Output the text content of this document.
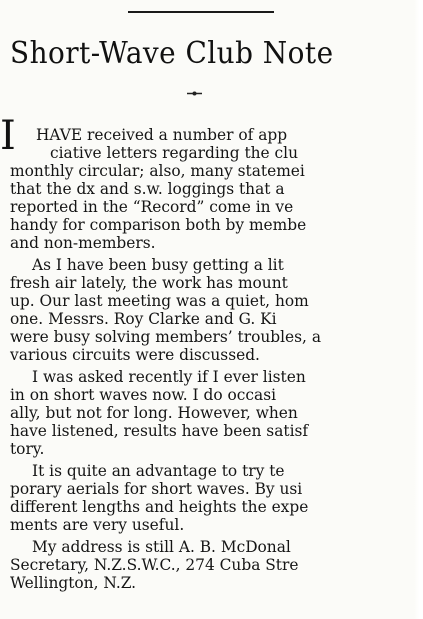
Short-Wave Club Note
I HAVE received a number of app
ciative letters regarding the clu
monthly circular; also, many statemei
that the dx and s.w. loggings that a
reported in the “Record” come in ve
handy for comparison both by membe
and non-members.
As I have been busy getting a lit
fresh air lately, the work has mount
up. Our last meeting was a quiet, hom
one. Messrs. Roy Clarke and G. Ki
were busy solving members’ troubles, a
various circuits were discussed.
I was asked recently if I ever listen
in on short waves now. I do occasi
ally, but not for long. However, when
have listened, results have been satisf
tory.
It is quite an advantage to try te
porary aerials for short waves. By usi
different lengths and heights the expe
ments are very useful.
My address is still A. B. McDonal
Secretary, N.Z.S.W.C., 274 Cuba Stre
Wellington, N.Z.
